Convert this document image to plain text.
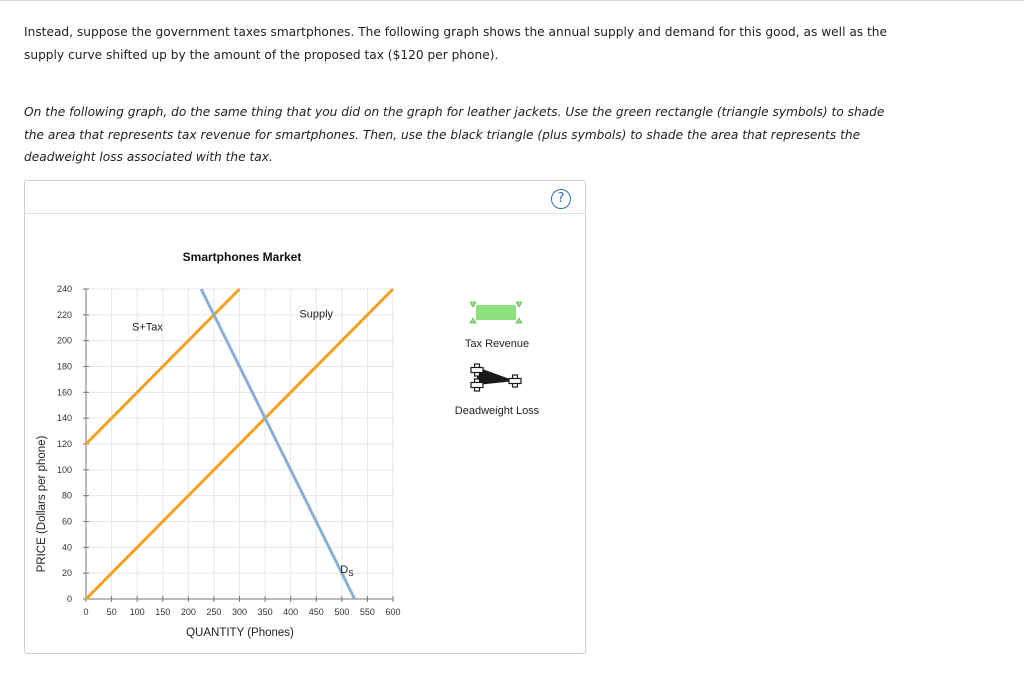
Instead, suppose the government taxes smartphones. The following graph shows the annual supply and demand for this good, as well as the supply curve shifted up by the amount of the proposed tax ($120 per phone).

On the following graph, do the same thing that you did on the graph for leather jackets. Use the green rectangle (triangle symbols) to shade the area that represents tax revenue for smartphones. Then, use the black triangle (plus symbols) to shade the area that represents the deadweight loss associated with the tax.

?
0 50 100 150 200 250 300 350 400 450 500 550 600
0
20
40
60
80
100
120
140
160
180
200
220
240
Supply
S+Tax
$D_S$
Smartphones Market
QUANTITY (Phones)
PRICE (Dollars per phone)
Tax Revenue
Deadweight Loss
